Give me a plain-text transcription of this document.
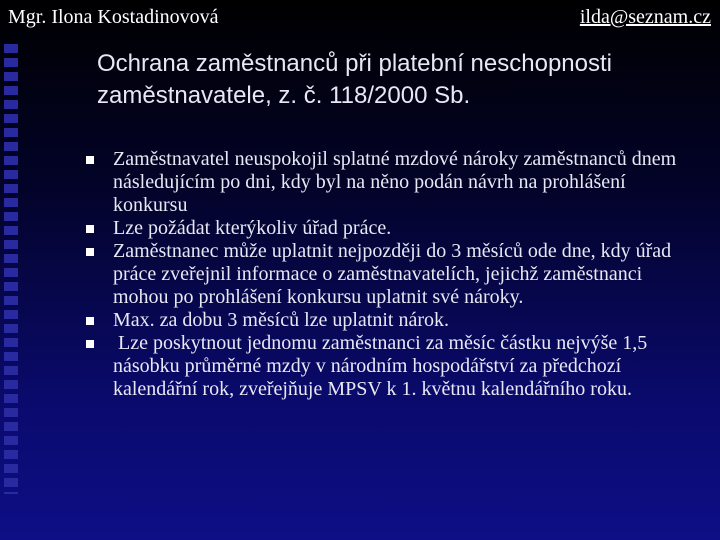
Mgr. Ilona Kostadinovová	ilda@seznam.cz
Ochrana zaměstnanců při platební neschopnosti zaměstnavatele, z. č. 118/2000 Sb.
Zaměstnavatel neuspokojil splatné mzdové nároky zaměstnanců dnem následujícím po dni, kdy byl na něno podán návrh na prohlášení konkursu
Lze požádat kterýkoliv úřad práce.
Zaměstnanec může uplatnit nejpozději do 3 měsíců ode dne, kdy úřad práce zveřejnil informace o zaměstnavatelích, jejichž zaměstnanci mohou po prohlášení konkursu uplatnit své nároky.
Max. za dobu 3 měsíců lze uplatnit nárok.
Lze poskytnout jednomu zaměstnanci za měsíc částku nejvýše 1,5 násobku průměrné mzdy v národním hospodářství za předchozí kalendářní rok, zveřejňuje MPSV k 1. květnu kalendářního roku.
